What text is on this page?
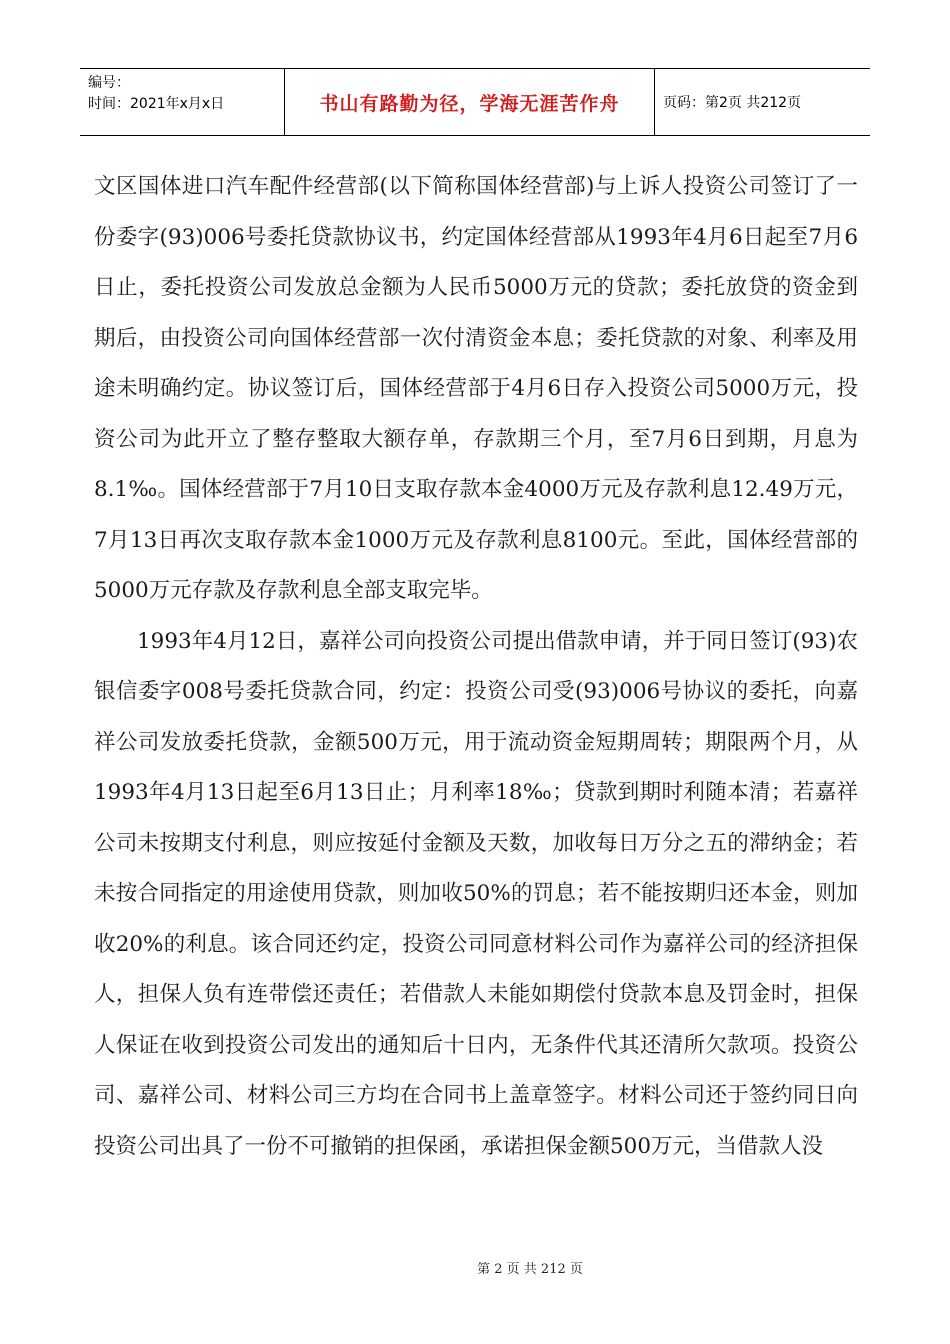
编号：
时间：2021年x月x日	书山有路勤为径，学海无涯苦作舟	页码：第2页 共212页

文区国体进口汽车配件经营部(以下简称国体经营部)与上诉人投资公司签订了一份委字(93)006号委托贷款协议书，约定国体经营部从1993年4月6日起至7月6日止，委托投资公司发放总金额为人民币5000万元的贷款；委托放贷的资金到期后，由投资公司向国体经营部一次付清资金本息；委托贷款的对象、利率及用途未明确约定。协议签订后，国体经营部于4月6日存入投资公司5000万元，投资公司为此开立了整存整取大额存单，存款期三个月，至7月6日到期，月息为8.1‰。国体经营部于7月10日支取存款本金4000万元及存款利息12.49万元，7月13日再次支取存款本金1000万元及存款利息8100元。至此，国体经营部的5000万元存款及存款利息全部支取完毕。

1993年4月12日，嘉祥公司向投资公司提出借款申请，并于同日签订(93)农银信委字008号委托贷款合同，约定：投资公司受(93)006号协议的委托，向嘉祥公司发放委托贷款，金额500万元，用于流动资金短期周转；期限两个月，从1993年4月13日起至6月13日止；月利率18‰；贷款到期时利随本清；若嘉祥公司未按期支付利息，则应按延付金额及天数，加收每日万分之五的滞纳金；若未按合同指定的用途使用贷款，则加收50%的罚息；若不能按期归还本金，则加收20%的利息。该合同还约定，投资公司同意材料公司作为嘉祥公司的经济担保人，担保人负有连带偿还责任；若借款人未能如期偿付贷款本息及罚金时，担保人保证在收到投资公司发出的通知后十日内，无条件代其还清所欠款项。投资公司、嘉祥公司、材料公司三方均在合同书上盖章签字。材料公司还于签约同日向投资公司出具了一份不可撤销的担保函，承诺担保金额500万元，当借款人没

第 2 页 共 212 页
